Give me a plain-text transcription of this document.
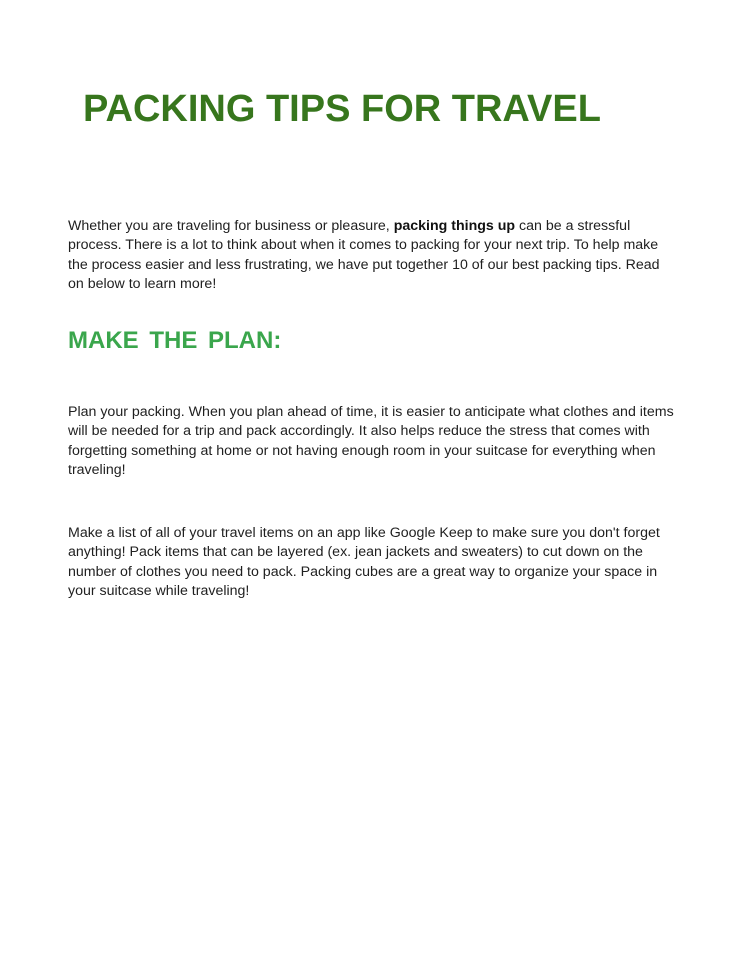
PACKING TIPS FOR TRAVEL

Whether you are traveling for business or pleasure, packing things up can be a stressful process. There is a lot to think about when it comes to packing for your next trip. To help make the process easier and less frustrating, we have put together 10 of our best packing tips. Read on below to learn more!

MAKE THE PLAN:

Plan your packing. When you plan ahead of time, it is easier to anticipate what clothes and items will be needed for a trip and pack accordingly. It also helps reduce the stress that comes with forgetting something at home or not having enough room in your suitcase for everything when traveling!

Make a list of all of your travel items on an app like Google Keep to make sure you don't forget anything! Pack items that can be layered (ex. jean jackets and sweaters) to cut down on the number of clothes you need to pack. Packing cubes are a great way to organize your space in your suitcase while traveling!
